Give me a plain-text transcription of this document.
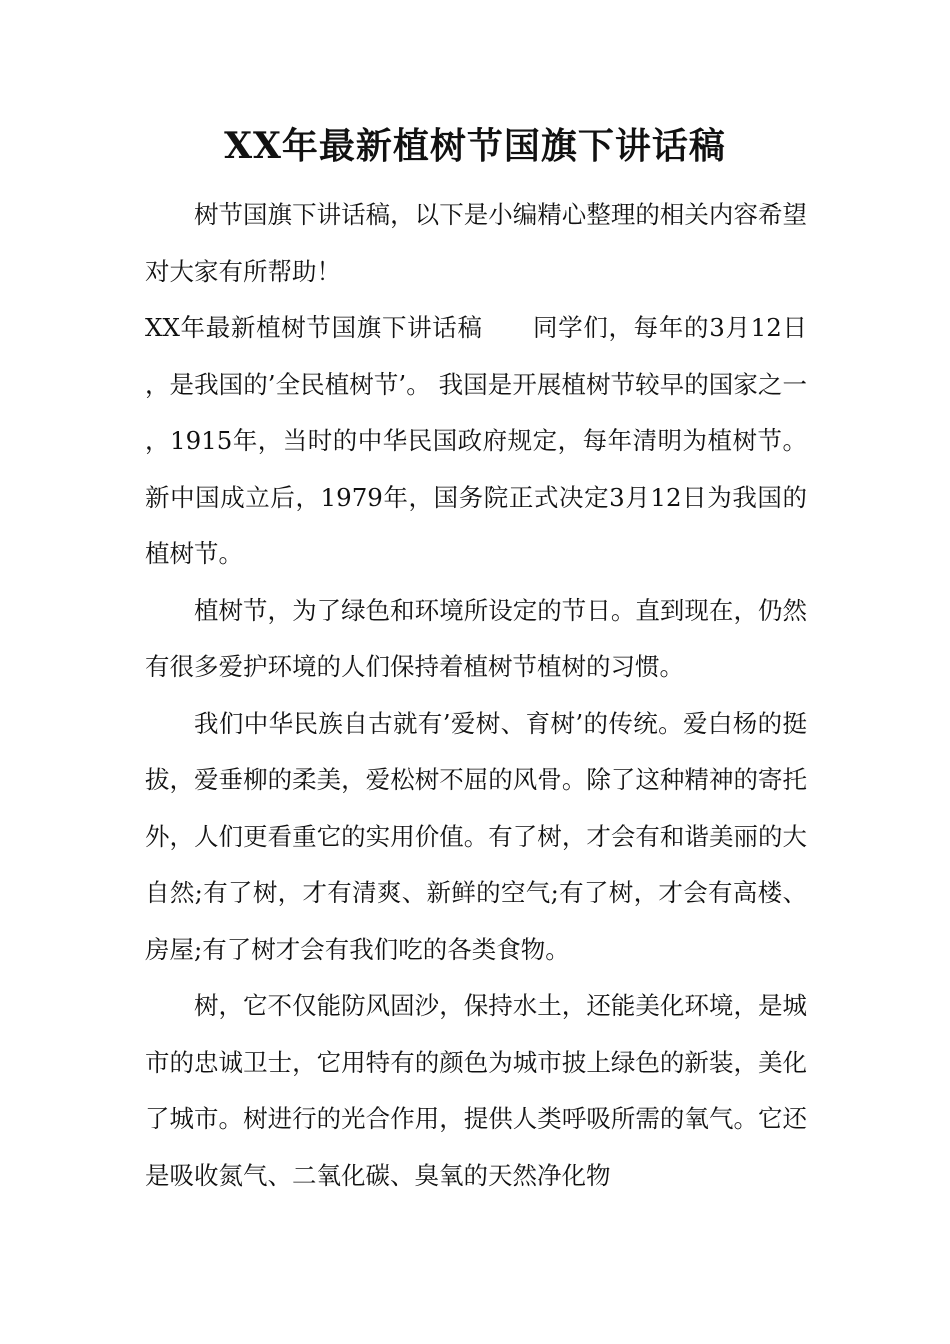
XX年最新植树节国旗下讲话稿

树节国旗下讲话稿，以下是小编精心整理的相关内容希望对大家有所帮助！

XX年最新植树节国旗下讲话稿　　同学们，每年的3月12日，是我国的’全民植树节’。 我国是开展植树节较早的国家之一，1915年，当时的中华民国政府规定，每年清明为植树节。新中国成立后，1979年，国务院正式决定3月12日为我国的植树节。

植树节，为了绿色和环境所设定的节日。直到现在，仍然有很多爱护环境的人们保持着植树节植树的习惯。

我们中华民族自古就有’爱树、育树’的传统。爱白杨的挺拔，爱垂柳的柔美，爱松树不屈的风骨。除了这种精神的寄托外，人们更看重它的实用价值。有了树，才会有和谐美丽的大自然;有了树，才有清爽、新鲜的空气;有了树，才会有高楼、房屋;有了树才会有我们吃的各类食物。

树，它不仅能防风固沙，保持水土，还能美化环境，是城市的忠诚卫士，它用特有的颜色为城市披上绿色的新装，美化了城市。树进行的光合作用，提供人类呼吸所需的氧气。它还是吸收氮气、二氧化碳、臭氧的天然净化物
